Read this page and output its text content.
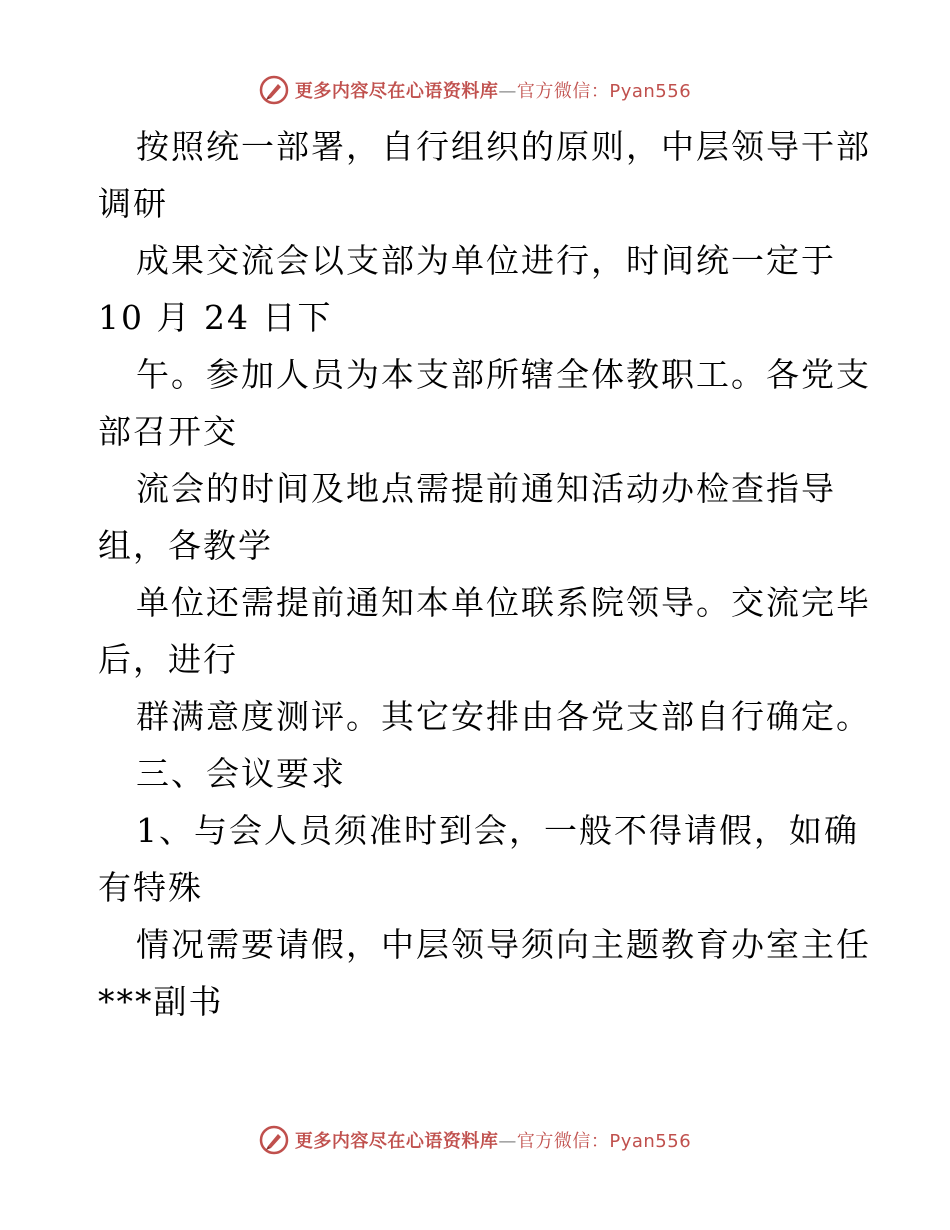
更多内容尽在心语资料库—官方微信：Pyan556
按照统一部署，自行组织的原则，中层领导干部
调研
成果交流会以支部为单位进行，时间统一定于
10 月 24 日下
午。参加人员为本支部所辖全体教职工。各党支
部召开交
流会的时间及地点需提前通知活动办检查指导
组，各教学
单位还需提前通知本单位联系院领导。交流完毕
后，进行
群满意度测评。其它安排由各党支部自行确定。
三、会议要求
1、与会人员须准时到会，一般不得请假，如确
有特殊
情况需要请假，中层领导须向主题教育办室主任
***副书
更多内容尽在心语资料库—官方微信：Pyan556
